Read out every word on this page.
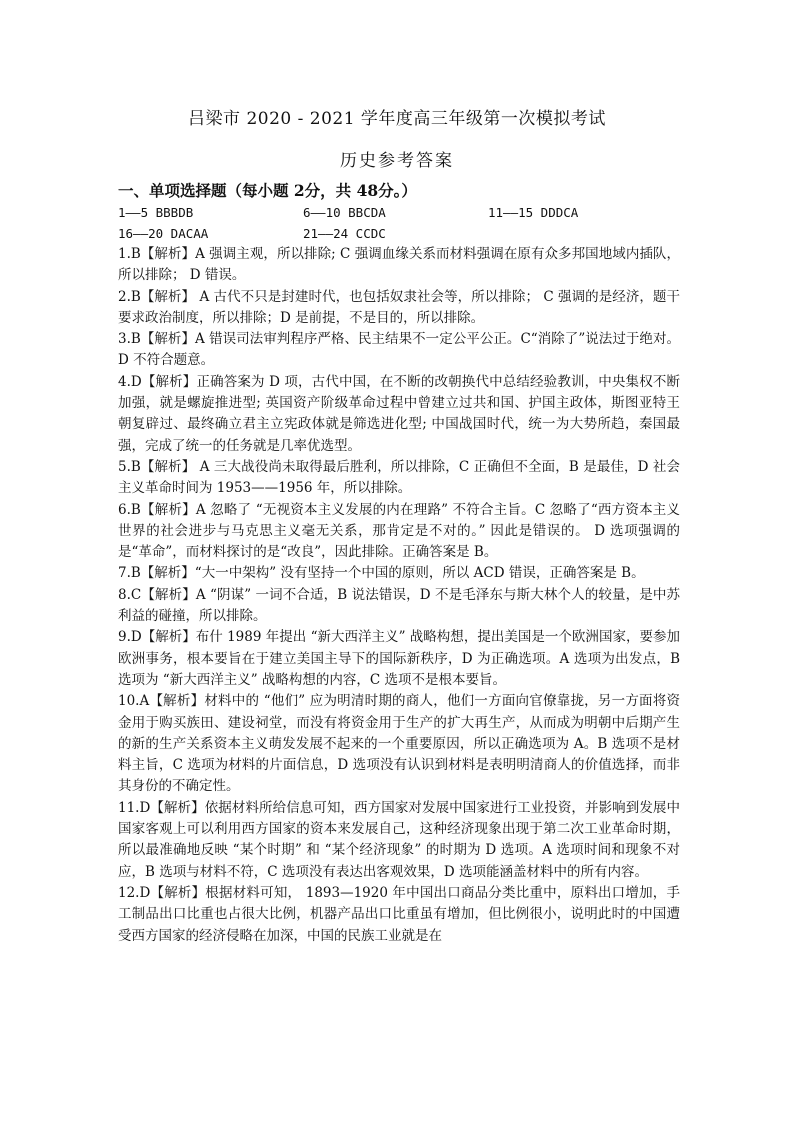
吕梁市 2020 - 2021 学年度高三年级第一次模拟考试
历史参考答案
一、单项选择题（每小题 2分，共 48分。）
1——5 BBBDB	6——10 BBCDA	11——15 DDDCA
16——20 DACAA	21——24 CCDC

1.B【解析】A 强调主观，所以排除; C 强调血缘关系而材料强调在原有众多邦国地域内插队，所以排除； D 错误。

2.B【解析】 A 古代不只是封建时代，也包括奴隶社会等，所以排除； C 强调的是经济，题干要求政治制度，所以排除；D 是前提，不是目的，所以排除。

3.B【解析】A 错误司法审判程序严格、民主结果不一定公平公正。C“消除了”说法过于绝对。D 不符合题意。

4.D【解析】正确答案为 D 项，古代中国，在不断的改朝换代中总结经验教训，中央集权不断加强，就是螺旋推进型; 英国资产阶级革命过程中曾建立过共和国、护国主政体，斯图亚特王朝复辟过、最终确立君主立宪政体就是筛选进化型; 中国战国时代，统一为大势所趋，秦国最强，完成了统一的任务就是几率优选型。

5.B【解析】 A 三大战役尚未取得最后胜利，所以排除，C 正确但不全面，B 是最佳，D 社会主义革命时间为 1953——1956 年，所以排除。

6.B【解析】A 忽略了 “无视资本主义发展的内在理路” 不符合主旨。C 忽略了“西方资本主义世界的社会进步与马克思主义毫无关系，那肯定是不对的。” 因此是错误的。 D 选项强调的是“革命”，而材料探讨的是“改良”，因此排除。正确答案是 B。

7.B【解析】“大一中架构” 没有坚持一个中国的原则，所以 ACD 错误，正确答案是 B。

8.C【解析】A “阴谋” 一词不合适，B 说法错误，D 不是毛泽东与斯大林个人的较量，是中苏利益的碰撞，所以排除。

9.D【解析】布什 1989 年提出 “新大西洋主义” 战略构想，提出美国是一个欧洲国家，要参加欧洲事务，根本要旨在于建立美国主导下的国际新秩序，D 为正确选项。A 选项为出发点，B 选项为 “新大西洋主义” 战略构想的内容，C 选项不是根本要旨。

10.A【解析】材料中的 “他们” 应为明清时期的商人，他们一方面向官僚靠拢，另一方面将资金用于购买族田、建设祠堂，而没有将资金用于生产的扩大再生产，从而成为明朝中后期产生的新的生产关系资本主义萌发发展不起来的一个重要原因，所以正确选项为 A。B 选项不是材料主旨，C 选项为材料的片面信息，D 选项没有认识到材料是表明明清商人的价值选择，而非其身份的不确定性。

11.D【解析】依据材料所给信息可知，西方国家对发展中国家进行工业投资，并影响到发展中国家客观上可以利用西方国家的资本来发展自己，这种经济现象出现于第二次工业革命时期，所以最准确地反映 “某个时期” 和 “某个经济现象” 的时期为 D 选项。A 选项时间和现象不对应，B 选项与材料不符，C 选项没有表达出客观效果，D 选项能涵盖材料中的所有内容。

12.D【解析】根据材料可知， 1893—1920 年中国出口商品分类比重中，原料出口增加，手工制品出口比重也占很大比例，机器产品出口比重虽有增加，但比例很小，说明此时的中国遭受西方国家的经济侵略在加深，中国的民族工业就是在
